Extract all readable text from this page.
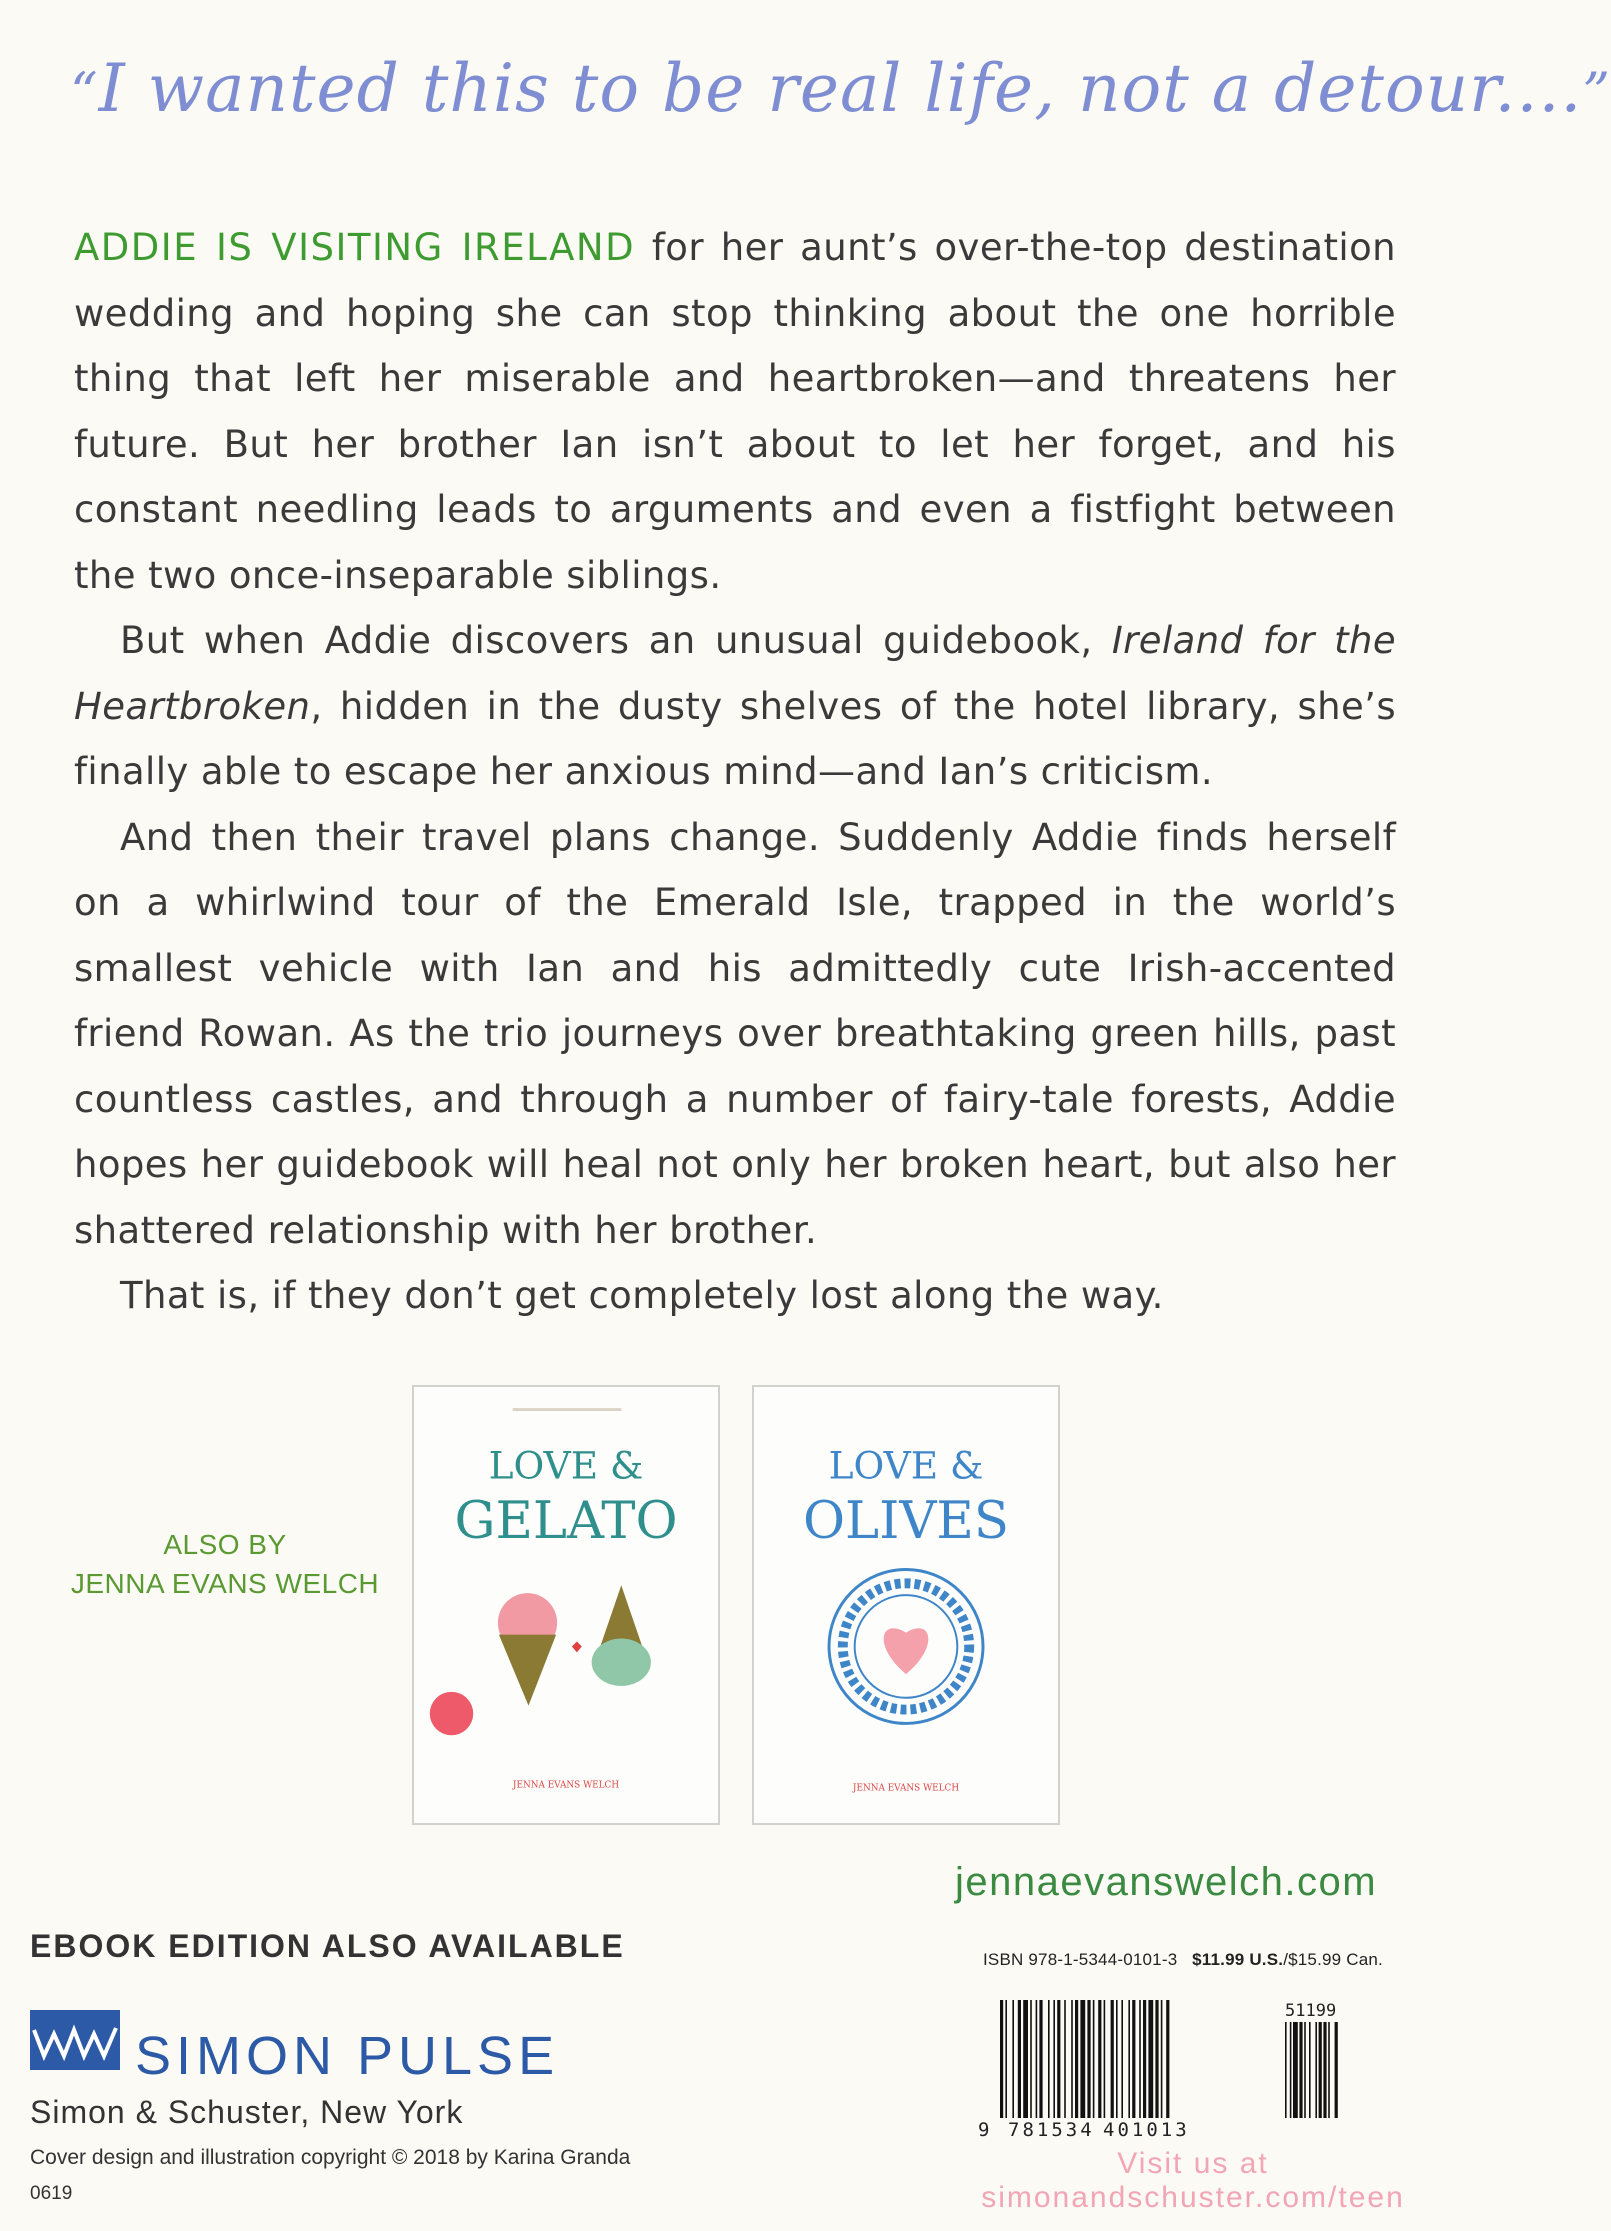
“I wanted this to be real life, not a detour....”

ADDIE IS VISITING IRELAND for her aunt’s over-the-top destination wedding and hoping she can stop thinking about the one horrible thing that left her miserable and heartbroken—and threatens her future. But her brother Ian isn’t about to let her forget, and his constant needling leads to arguments and even a fistfight between the two once-inseparable siblings.

But when Addie discovers an unusual guidebook, Ireland for the Heartbroken, hidden in the dusty shelves of the hotel library, she’s finally able to escape her anxious mind—and Ian’s criticism.

And then their travel plans change. Suddenly Addie finds herself on a whirlwind tour of the Emerald Isle, trapped in the world’s smallest vehicle with Ian and his admittedly cute Irish-accented friend Rowan. As the trio journeys over breathtaking green hills, past countless castles, and through a number of fairy-tale forests, Addie hopes her guidebook will heal not only her broken heart, but also her shattered relationship with her brother.

That is, if they don’t get completely lost along the way.

ALSO BY
JENNA EVANS WELCH
LOVE &
GELATO
JENNA EVANS WELCH
LOVE &
OLIVES
JENNA EVANS WELCH
jennaevanswelch.com
EBOOK EDITION ALSO AVAILABLE	ISBN 978-1-5344-0101-3 $11.99 U.S./$15.99 Can.
SIMON PULSE
Simon & Schuster, New York
Cover design and illustration copyright © 2018 by Karina Granda
0619
51199
9 781534 401013
Visit us at
simonandschuster.com/teen
